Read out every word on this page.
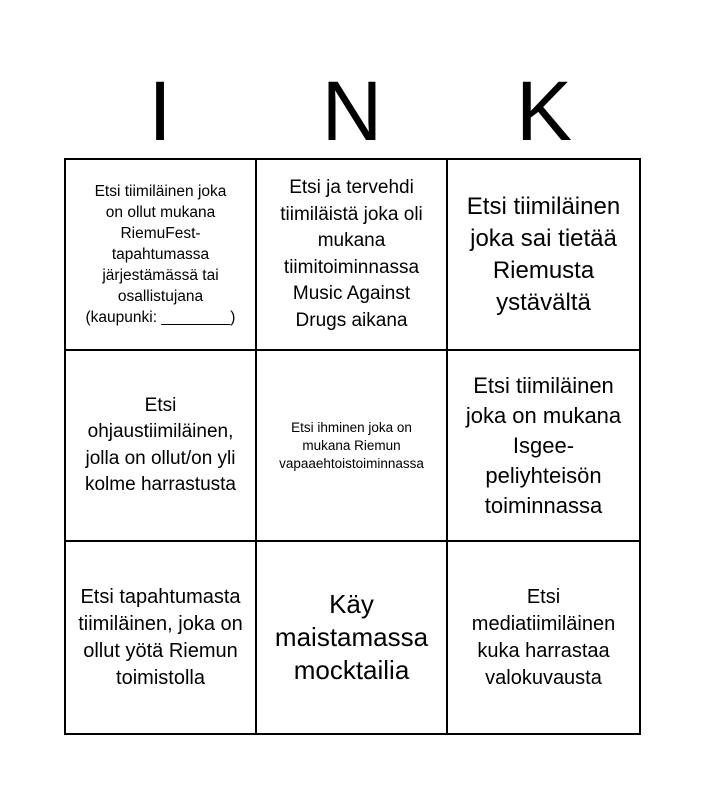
I	N	K
Etsi tiimiläinen joka on ollut mukana RiemuFest-tapahtumassa järjestämässä tai osallistujana (kaupunki: ________)
Etsi ja tervehdi tiimiläistä joka oli mukana tiimitoiminnassa Music Against Drugs aikana
Etsi tiimiläinen joka sai tietää Riemusta ystävältä
Etsi ohjaustiimiläinen, jolla on ollut/on yli kolme harrastusta
Etsi ihminen joka on mukana Riemun vapaaehtoistoiminnassa
Etsi tiimiläinen joka on mukana Isgee-peliyhteisön toiminnassa
Etsi tapahtumasta tiimiläinen, joka on ollut yötä Riemun toimistolla
Käy maistamassa mocktailia
Etsi mediatiimiläinen kuka harrastaa valokuvausta
